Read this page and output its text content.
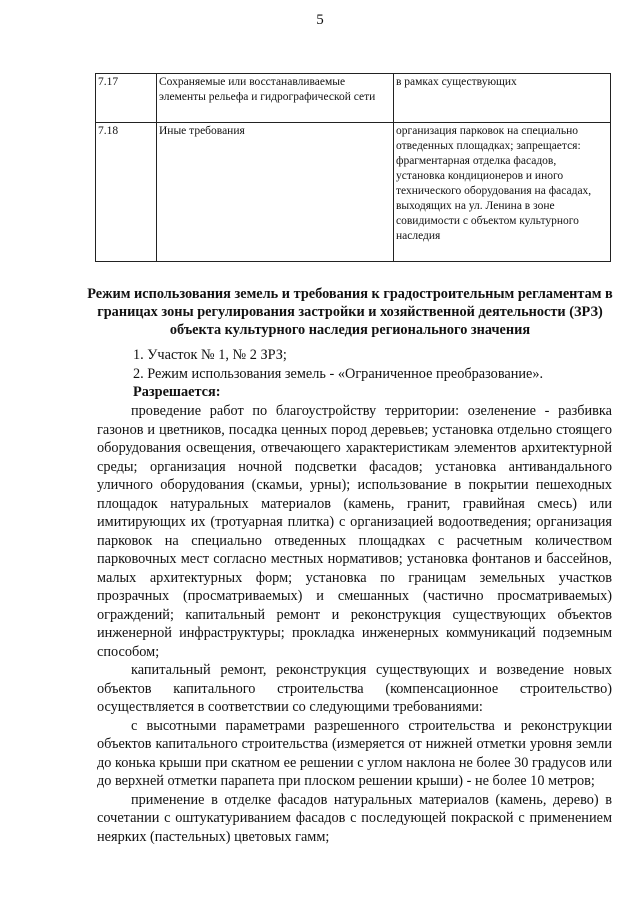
5
7.17	Сохраняемые или восстанавливаемые элементы рельефа и гидрографической сети	в рамках существующих
7.18	Иные требования	организация парковок на специально отведенных площадках; запрещается: фрагментарная отделка фасадов, установка кондиционеров и иного технического оборудования на фасадах, выходящих на ул. Ленина в зоне совидимости с объектом культурного наследия
Режим использования земель и требования к градостроительным регламентам в границах зоны регулирования застройки и хозяйственной деятельности (ЗРЗ) объекта культурного наследия регионального значения
1. Участок № 1, № 2 ЗРЗ;
2. Режим использования земель - «Ограниченное преобразование».
Разрешается:

проведение работ по благоустройству территории: озеленение - разбивка газонов и цветников, посадка ценных пород деревьев; установка отдельно стоящего оборудования освещения, отвечающего характеристикам элементов архитектурной среды; организация ночной подсветки фасадов; установка антивандального уличного оборудования (скамьи, урны); использование в покрытии пешеходных площадок натуральных материалов (камень, гранит, гравийная смесь) или имитирующих их (тротуарная плитка) с организацией водоотведения; организация парковок на специально отведенных площадках с расчетным количеством парковочных мест согласно местных нормативов; установка фонтанов и бассейнов, малых архитектурных форм; установка по границам земельных участков прозрачных (просматриваемых) и смешанных (частично просматриваемых) ограждений; капитальный ремонт и реконструкция существующих объектов инженерной инфраструктуры; прокладка инженерных коммуникаций подземным способом;

капитальный ремонт, реконструкция существующих и возведение новых объектов капитального строительства (компенсационное строительство) осуществляется в соответствии со следующими требованиями:

с высотными параметрами разрешенного строительства и реконструкции объектов капитального строительства (измеряется от нижней отметки уровня земли до конька крыши при скатном ее решении с углом наклона не более 30 градусов или до верхней отметки парапета при плоском решении крыши) - не более 10 метров;

применение в отделке фасадов натуральных материалов (камень, дерево) в сочетании с оштукатуриванием фасадов с последующей покраской с применением неярких (пастельных) цветовых гамм;
